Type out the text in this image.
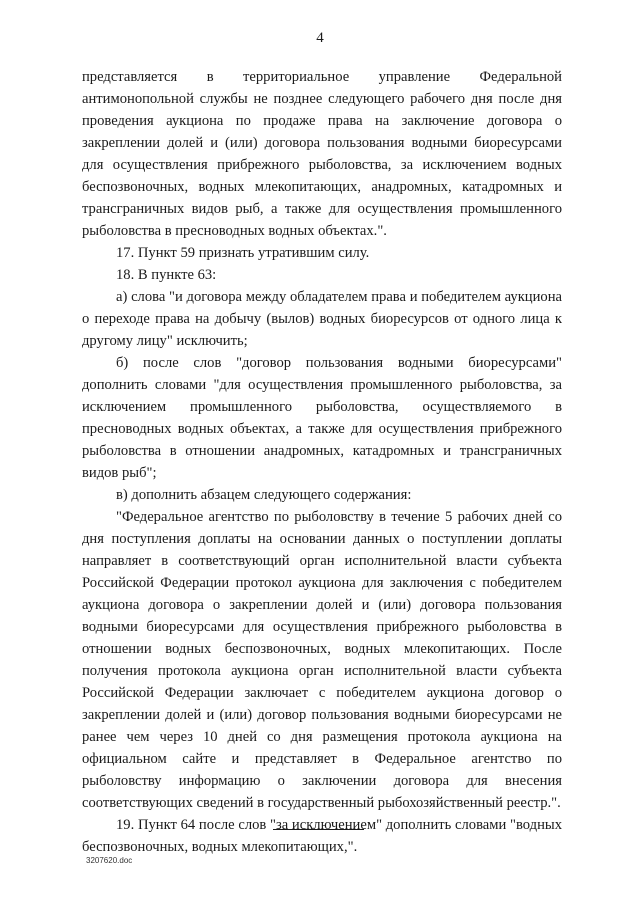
4

представляется в территориальное управление Федеральной антимонопольной службы не позднее следующего рабочего дня после дня проведения аукциона по продаже права на заключение договора о закреплении долей и (или) договора пользования водными биоресурсами для осуществления прибрежного рыболовства, за исключением водных беспозвоночных, водных млекопитающих, анадромных, катадромных и трансграничных видов рыб, а также для осуществления промышленного рыболовства в пресноводных водных объектах.".

17. Пункт 59 признать утратившим силу.

18. В пункте 63:

а) слова "и договора между обладателем права и победителем аукциона о переходе права на добычу (вылов) водных биоресурсов от одного лица к другому лицу" исключить;

б) после слов "договор пользования водными биоресурсами" дополнить словами "для осуществления промышленного рыболовства, за исключением промышленного рыболовства, осуществляемого в пресноводных водных объектах, а также для осуществления прибрежного рыболовства в отношении анадромных, катадромных и трансграничных видов рыб";

в) дополнить абзацем следующего содержания:

"Федеральное агентство по рыболовству в течение 5 рабочих дней со дня поступления доплаты на основании данных о поступлении доплаты направляет в соответствующий орган исполнительной власти субъекта Российской Федерации протокол аукциона для заключения с победителем аукциона договора о закреплении долей и (или) договора пользования водными биоресурсами для осуществления прибрежного рыболовства в отношении водных беспозвоночных, водных млекопитающих. После получения протокола аукциона орган исполнительной власти субъекта Российской Федерации заключает с победителем аукциона договор о закреплении долей и (или) договор пользования водными биоресурсами не ранее чем через 10 дней со дня размещения протокола аукциона на официальном сайте и представляет в Федеральное агентство по рыболовству информацию о заключении договора для внесения соответствующих сведений в государственный рыбохозяйственный реестр.".

19. Пункт 64 после слов "за исключением" дополнить словами "водных беспозвоночных, водных млекопитающих,".

3207620.doc
